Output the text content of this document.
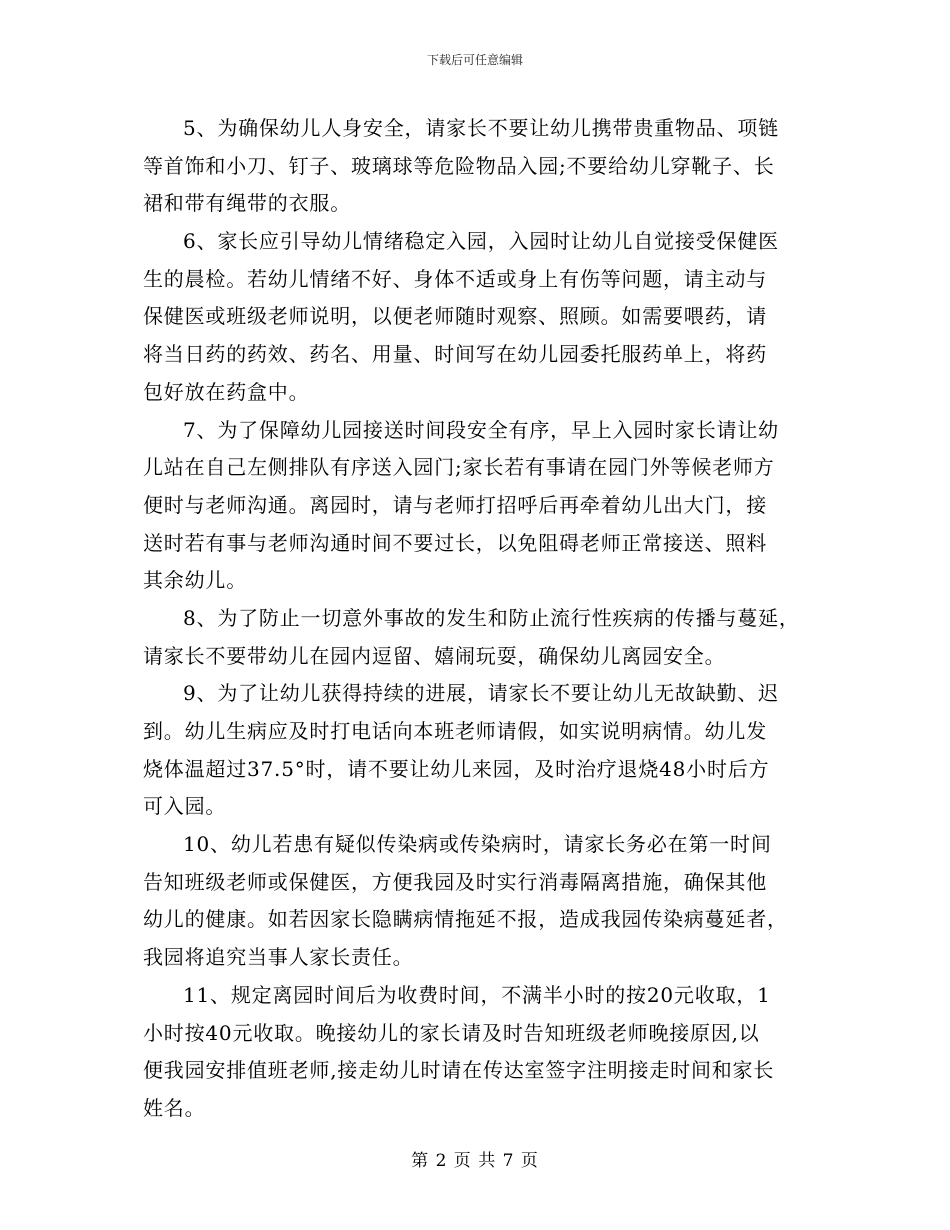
下载后可任意编辑
5、为确保幼儿人身安全，请家长不要让幼儿携带贵重物品、项链
等首饰和小刀、钉子、玻璃球等危险物品入园;不要给幼儿穿靴子、长
裙和带有绳带的衣服。
6、家长应引导幼儿情绪稳定入园，入园时让幼儿自觉接受保健医
生的晨检。若幼儿情绪不好、身体不适或身上有伤等问题，请主动与
保健医或班级老师说明，以便老师随时观察、照顾。如需要喂药，请
将当日药的药效、药名、用量、时间写在幼儿园委托服药单上，将药
包好放在药盒中。
7、为了保障幼儿园接送时间段安全有序，早上入园时家长请让幼
儿站在自己左侧排队有序送入园门;家长若有事请在园门外等候老师方
便时与老师沟通。离园时，请与老师打招呼后再牵着幼儿出大门，接
送时若有事与老师沟通时间不要过长，以免阻碍老师正常接送、照料
其余幼儿。
8、为了防止一切意外事故的发生和防止流行性疾病的传播与蔓延，
请家长不要带幼儿在园内逗留、嬉闹玩耍，确保幼儿离园安全。
9、为了让幼儿获得持续的进展，请家长不要让幼儿无故缺勤、迟
到。幼儿生病应及时打电话向本班老师请假，如实说明病情。幼儿发
烧体温超过37.5°时，请不要让幼儿来园，及时治疗退烧48小时后方
可入园。
10、幼儿若患有疑似传染病或传染病时，请家长务必在第一时间
告知班级老师或保健医，方便我园及时实行消毒隔离措施，确保其他
幼儿的健康。如若因家长隐瞒病情拖延不报，造成我园传染病蔓延者，
我园将追究当事人家长责任。
11、规定离园时间后为收费时间，不满半小时的按20元收取，1
小时按40元收取。晚接幼儿的家长请及时告知班级老师晚接原因,以
便我园安排值班老师,接走幼儿时请在传达室签字注明接走时间和家长
姓名。
第 2 页 共 7 页
